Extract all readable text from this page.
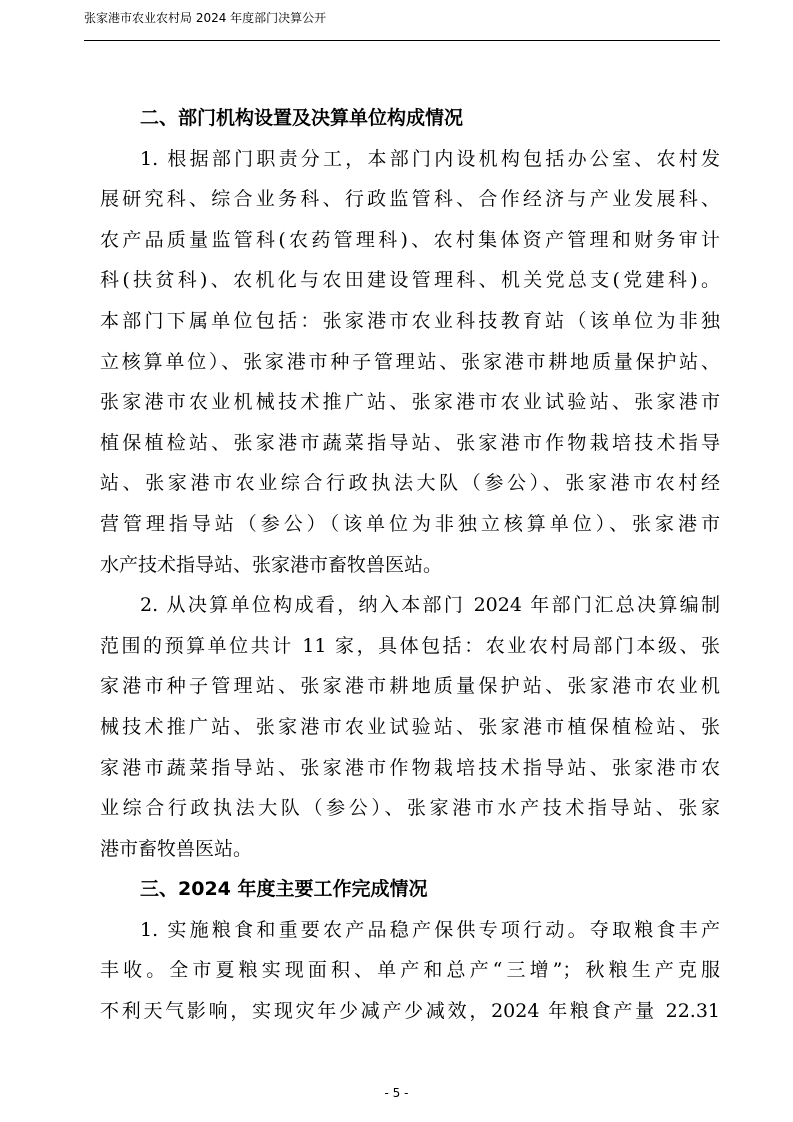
张家港市农业农村局 2024 年度部门决算公开
二、部门机构设置及决算单位构成情况
1. 根据部门职责分工，本部门内设机构包括办公室、农村发
展研究科、综合业务科、行政监管科、合作经济与产业发展科、
农产品质量监管科(农药管理科)、农村集体资产管理和财务审计
科(扶贫科)、农机化与农田建设管理科、机关党总支(党建科)。
本部门下属单位包括：张家港市农业科技教育站（该单位为非独
立核算单位）、张家港市种子管理站、张家港市耕地质量保护站、
张家港市农业机械技术推广站、张家港市农业试验站、张家港市
植保植检站、张家港市蔬菜指导站、张家港市作物栽培技术指导
站、张家港市农业综合行政执法大队（参公）、张家港市农村经
营管理指导站（参公）（该单位为非独立核算单位）、张家港市
水产技术指导站、张家港市畜牧兽医站。
2. 从决算单位构成看，纳入本部门 2024 年部门汇总决算编制
范围的预算单位共计 11 家，具体包括：农业农村局部门本级、张
家港市种子管理站、张家港市耕地质量保护站、张家港市农业机
械技术推广站、张家港市农业试验站、张家港市植保植检站、张
家港市蔬菜指导站、张家港市作物栽培技术指导站、张家港市农
业综合行政执法大队（参公）、张家港市水产技术指导站、张家
港市畜牧兽医站。
三、2024 年度主要工作完成情况
1. 实施粮食和重要农产品稳产保供专项行动。夺取粮食丰产
丰收。全市夏粮实现面积、单产和总产“三增”；秋粮生产克服
不利天气影响，实现灾年少减产少减效，2024 年粮食产量 22.31
- 5 -
